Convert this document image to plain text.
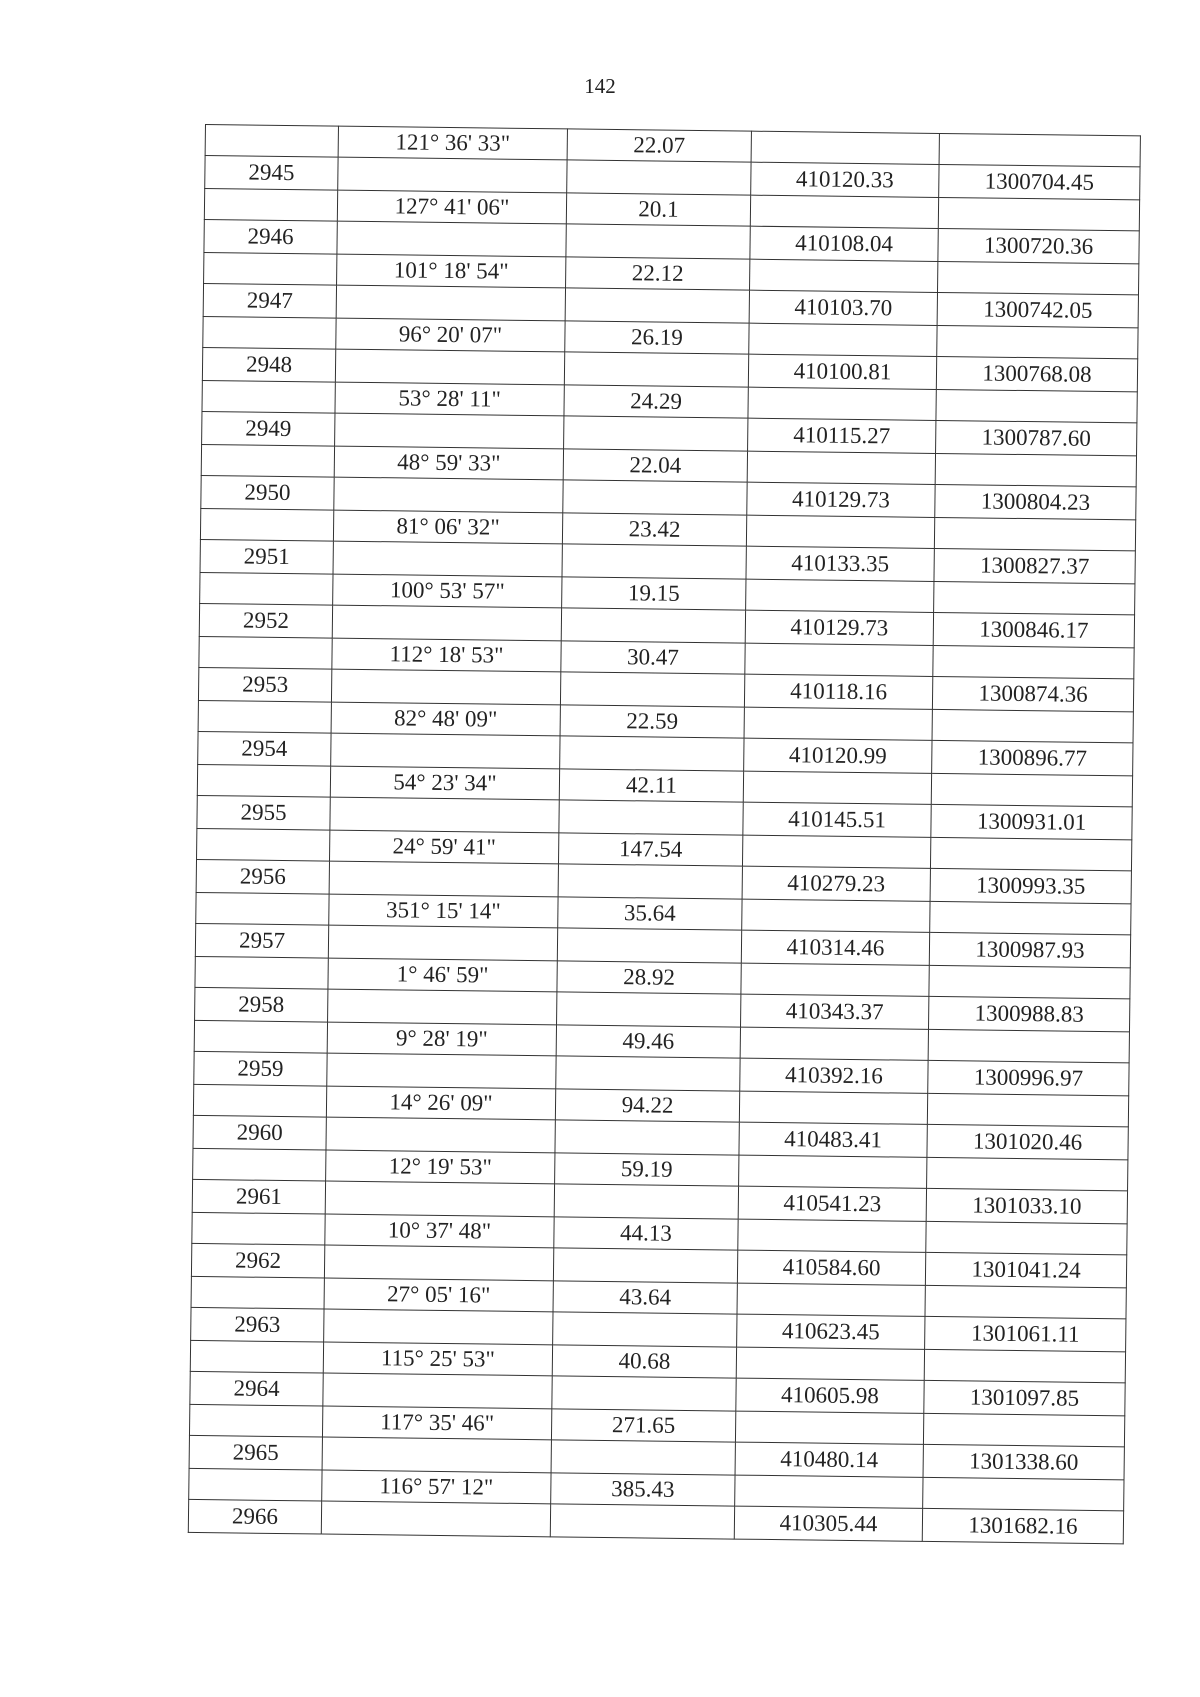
142
	121° 36' 33"	22.07		
2945			410120.33	1300704.45
	127° 41' 06"	20.1		
2946			410108.04	1300720.36
	101° 18' 54"	22.12		
2947			410103.70	1300742.05
	96° 20' 07"	26.19		
2948			410100.81	1300768.08
	53° 28' 11"	24.29		
2949			410115.27	1300787.60
	48° 59' 33"	22.04		
2950			410129.73	1300804.23
	81° 06' 32"	23.42		
2951			410133.35	1300827.37
	100° 53' 57"	19.15		
2952			410129.73	1300846.17
	112° 18' 53"	30.47		
2953			410118.16	1300874.36
	82° 48' 09"	22.59		
2954			410120.99	1300896.77
	54° 23' 34"	42.11		
2955			410145.51	1300931.01
	24° 59' 41"	147.54		
2956			410279.23	1300993.35
	351° 15' 14"	35.64		
2957			410314.46	1300987.93
	1° 46' 59"	28.92		
2958			410343.37	1300988.83
	9° 28' 19"	49.46		
2959			410392.16	1300996.97
	14° 26' 09"	94.22		
2960			410483.41	1301020.46
	12° 19' 53"	59.19		
2961			410541.23	1301033.10
	10° 37' 48"	44.13		
2962			410584.60	1301041.24
	27° 05' 16"	43.64		
2963			410623.45	1301061.11
	115° 25' 53"	40.68		
2964			410605.98	1301097.85
	117° 35' 46"	271.65		
2965			410480.14	1301338.60
	116° 57' 12"	385.43		
2966			410305.44	1301682.16
